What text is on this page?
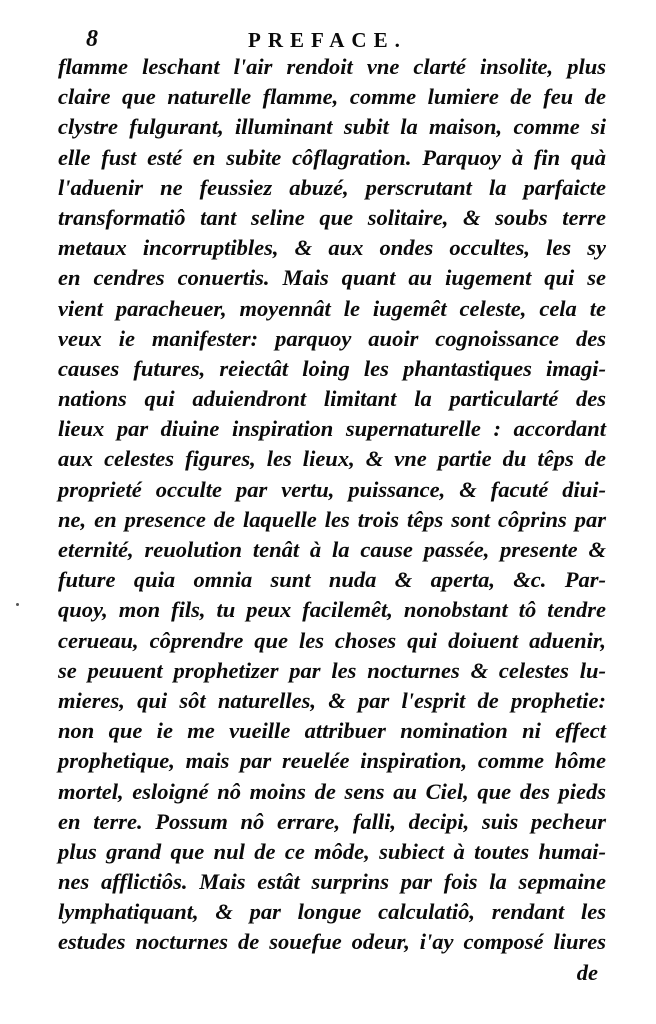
8	PREFACE.
flamme leschant l'air rendoit vne clarté insolite, plus
claire que naturelle flamme, comme lumiere de feu de
clystre fulgurant, illuminant subit la maison, comme si
elle fust esté en subite côflagration. Parquoy à fin quà
l'aduenir ne feussiez abuzé, perscrutant la parfaicte
transformatiô tant seline que solitaire, & soubs terre
metaux incorruptibles, & aux ondes occultes, les sy
en cendres conuertis. Mais quant au iugement qui se
vient paracheuer, moyennât le iugemêt celeste, cela te
veux ie manifester: parquoy auoir cognoissance des
causes futures, reiectât loing les phantastiques imagi-
nations qui aduiendront limitant la particularté des
lieux par diuine inspiration supernaturelle : accordant
aux celestes figures, les lieux, & vne partie du têps de
proprieté occulte par vertu, puissance, & facuté diui-
ne, en presence de laquelle les trois têps sont côprins par
eternité, reuolution tenât à la cause passée, presente &
future quia omnia sunt nuda & aperta, &c. Par-
quoy, mon fils, tu peux facilemêt, nonobstant tô tendre
cerueau, côprendre que les choses qui doiuent aduenir,
se peuuent prophetizer par les nocturnes & celestes lu-
mieres, qui sôt naturelles, & par l'esprit de prophetie:
non que ie me vueille attribuer nomination ni effect
prophetique, mais par reuelée inspiration, comme hôme
mortel, esloigné nô moins de sens au Ciel, que des pieds
en terre. Possum nô errare, falli, decipi, suis pecheur
plus grand que nul de ce môde, subiect à toutes humai-
nes afflictiôs. Mais estât surprins par fois la sepmaine
lymphatiquant, & par longue calculatiô, rendant les
estudes nocturnes de souefue odeur, i'ay composé liures
de
